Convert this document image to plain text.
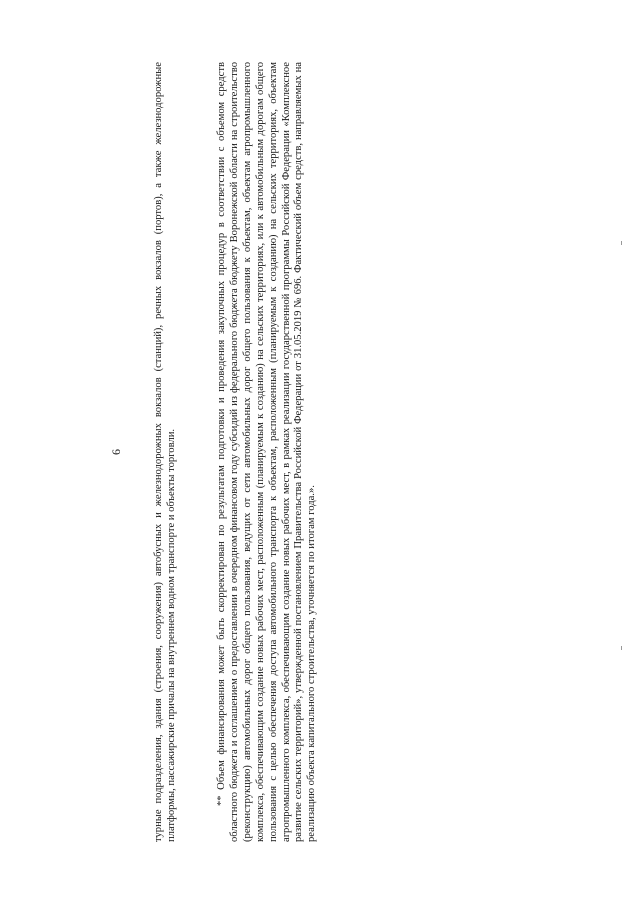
6	турные подразделения, здания (строения, сооружения) автобусных и железнодорожных вокзалов (станций), речных вокзалов (портов), а также железнодорожные платформы, пассажирские причалы на внутреннем водном транспорте и объекты торговли.	** Объем финансирования может быть скорректирован по результатам подготовки и проведения закупочных процедур в соответствии с объемом средств областного бюджета и соглашением о предоставлении в очередном финансовом году субсидий из федерального бюджета бюджету Воронежской области на строительство (реконструкцию) автомобильных дорог общего пользования, ведущих от сети автомобильных дорог общего пользования к объектам, объектам агропромышленного комплекса, обеспечивающим создание новых рабочих мест, расположенным (планируемым к созданию) на сельских территориях, или к автомобильным дорогам общего пользования с целью обеспечения доступа автомобильного транспорта к объектам, расположенным (планируемым к созданию) на сельских территориях, объектам агропромышленного комплекса, обеспечивающим создание новых рабочих мест, в рамках реализации государственной программы Российской Федерации «Комплексное развитие сельских территорий», утвержденной постановлением Правительства Российской Федерации от 31.05.2019 № 696. Фактический объем средств, направляемых на реализацию объекта капитального строительства, уточняется по итогам года.».
